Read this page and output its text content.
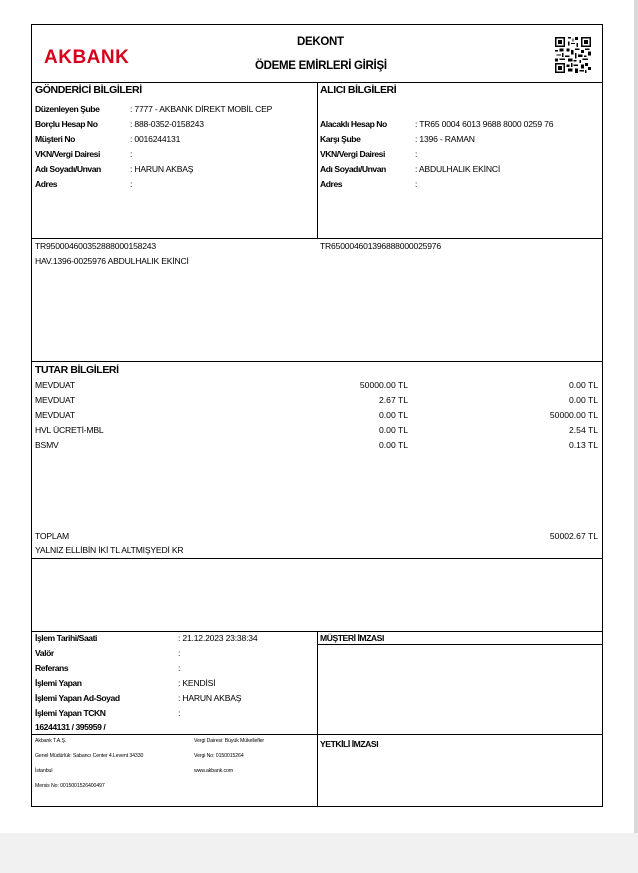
AKBANK
DEKONT
ÖDEME EMİRLERİ GİRİŞİ
GÖNDERİCİ BİLGİLERİ
Düzenleyen Şube	: 7777 - AKBANK DİREKT MOBİL CEP
Borçlu Hesap No	: 888-0352-0158243
Müşteri No	: 0016244131
VKN/Vergi Dairesi	:
Adı Soyadı/Unvan	: HARUN AKBAŞ
Adres	:
ALICI BİLGİLERİ
Alacaklı Hesap No	: TR65 0004 6013 9688 8000 0259 76
Karşı Şube	: 1396 - RAMAN
VKN/Vergi Dairesi	:
Adı Soyadı/Unvan	: ABDULHALIK EKİNCİ
Adres	:
TR950004600352888000158243	TR650004601396888000025976
HAV.1396-0025976 ABDULHALIK EKİNCİ
TUTAR BİLGİLERİ
MEVDUAT	50000.00 TL	0.00 TL
MEVDUAT	2.67 TL	0.00 TL
MEVDUAT	0.00 TL	50000.00 TL
HVL ÜCRETİ-MBL	0.00 TL	2.54 TL
BSMV	0.00 TL	0.13 TL
TOPLAM	50002.67 TL
YALNIZ ELLİBİN İKİ TL ALTMIŞYEDİ KR
İşlem Tarihi/Saati	: 21.12.2023 23:38:34
Valör	:
Referans	:
İşlemi Yapan	: KENDİSİ
İşlemi Yapan Ad-Soyad	: HARUN AKBAŞ
İşlemi Yapan TCKN	:
16244131 / 395959 /
MÜŞTERİ İMZASI
YETKİLİ İMZASI
Akbank T.A.Ş.
Genel Müdürlük: Sabancı Center 4.Levent 34330
İstanbul
Mersis No: 0015001526400497
Vergi Dairesi: Büyük Mükellefler
Vergi No: 0150015264
www.akbank.com
